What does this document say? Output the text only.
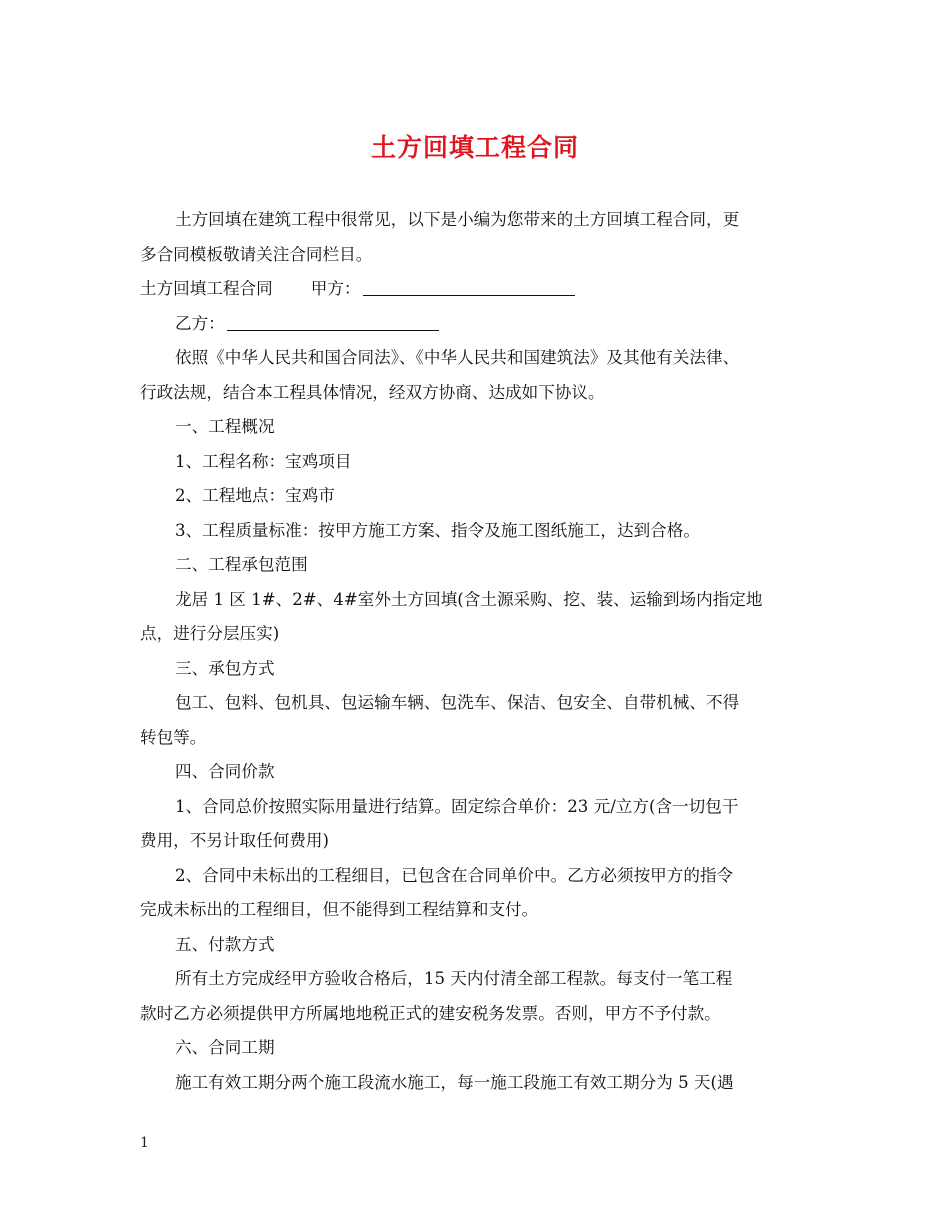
土方回填工程合同

土方回填在建筑工程中很常见，以下是小编为您带来的土方回填工程合同，更

多合同模板敬请关注合同栏目。

土方回填工程合同 甲方：

乙方：

依照《中华人民共和国合同法》、《中华人民共和国建筑法》及其他有关法律、

行政法规，结合本工程具体情况，经双方协商、达成如下协议。

一、工程概况

1、工程名称：宝鸡项目

2、工程地点：宝鸡市

3、工程质量标准：按甲方施工方案、指令及施工图纸施工，达到合格。

二、工程承包范围

龙居 1 区 1#、2#、4#室外土方回填(含土源采购、挖、装、运输到场内指定地

点，进行分层压实)

三、承包方式

包工、包料、包机具、包运输车辆、包洗车、保洁、包安全、自带机械、不得

转包等。

四、合同价款

1、合同总价按照实际用量进行结算。固定综合单价：23 元/立方(含一切包干

费用，不另计取任何费用)

2、合同中未标出的工程细目，已包含在合同单价中。乙方必须按甲方的指令

完成未标出的工程细目，但不能得到工程结算和支付。

五、付款方式

所有土方完成经甲方验收合格后，15 天内付清全部工程款。每支付一笔工程

款时乙方必须提供甲方所属地地税正式的建安税务发票。否则，甲方不予付款。

六、合同工期

施工有效工期分两个施工段流水施工，每一施工段施工有效工期分为 5 天(遇

1
